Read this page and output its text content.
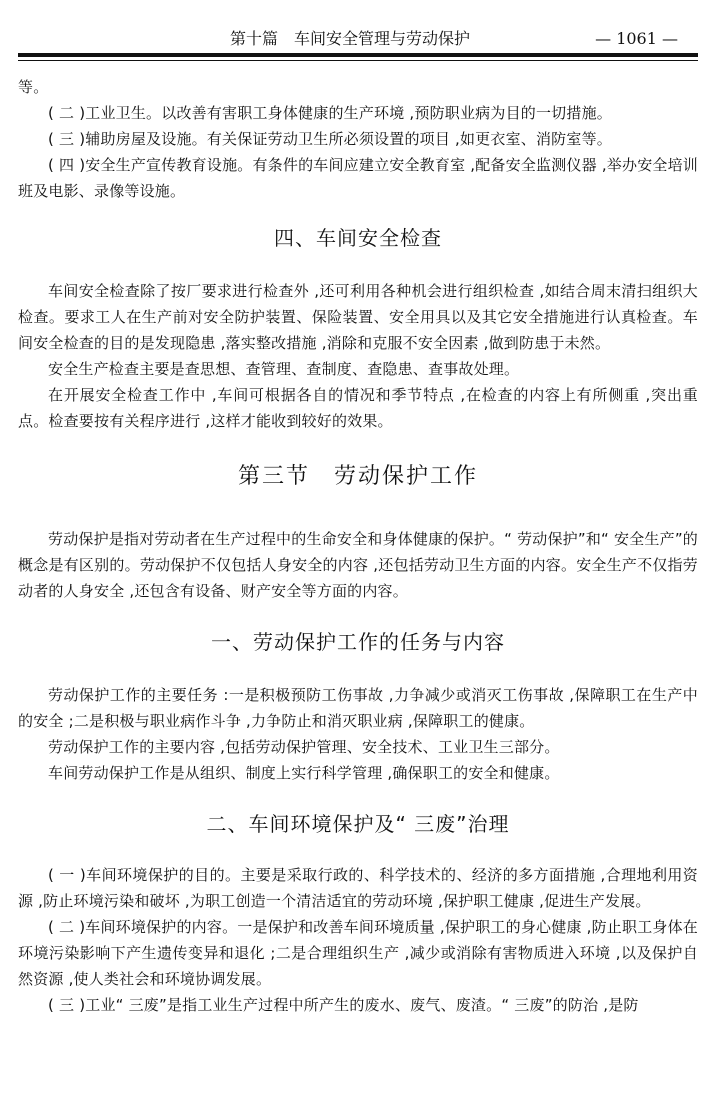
第十篇　车间安全管理与劳动保护	— 1061 —

等。

( 二 )工业卫生。以改善有害职工身体健康的生产环境 ,预防职业病为目的一切措施。

( 三 )辅助房屋及设施。有关保证劳动卫生所必须设置的项目 ,如更衣室、消防室等。

( 四 )安全生产宣传教育设施。有条件的车间应建立安全教育室 ,配备安全监测仪器 ,举办安全培训班及电影、录像等设施。

四、车间安全检查

车间安全检查除了按厂要求进行检查外 ,还可利用各种机会进行组织检查 ,如结合周末清扫组织大检查。要求工人在生产前对安全防护装置、保险装置、安全用具以及其它安全措施进行认真检查。车间安全检查的目的是发现隐患 ,落实整改措施 ,消除和克服不安全因素 ,做到防患于未然。

安全生产检查主要是查思想、查管理、查制度、查隐患、查事故处理。

在开展安全检查工作中 ,车间可根据各自的情况和季节特点 ,在检查的内容上有所侧重 ,突出重点。检查要按有关程序进行 ,这样才能收到较好的效果。

第三节　劳动保护工作

劳动保护是指对劳动者在生产过程中的生命安全和身体健康的保护。“ 劳动保护”和“ 安全生产”的概念是有区别的。劳动保护不仅包括人身安全的内容 ,还包括劳动卫生方面的内容。安全生产不仅指劳动者的人身安全 ,还包含有设备、财产安全等方面的内容。

一、劳动保护工作的任务与内容

劳动保护工作的主要任务 :一是积极预防工伤事故 ,力争减少或消灭工伤事故 ,保障职工在生产中的安全 ;二是积极与职业病作斗争 ,力争防止和消灭职业病 ,保障职工的健康。

劳动保护工作的主要内容 ,包括劳动保护管理、安全技术、工业卫生三部分。

车间劳动保护工作是从组织、制度上实行科学管理 ,确保职工的安全和健康。

二、车间环境保护及“ 三废”治理

( 一 )车间环境保护的目的。主要是采取行政的、科学技术的、经济的多方面措施 ,合理地利用资源 ,防止环境污染和破坏 ,为职工创造一个清洁适宜的劳动环境 ,保护职工健康 ,促进生产发展。

( 二 )车间环境保护的内容。一是保护和改善车间环境质量 ,保护职工的身心健康 ,防止职工身体在环境污染影响下产生遗传变异和退化 ;二是合理组织生产 ,减少或消除有害物质进入环境 ,以及保护自然资源 ,使人类社会和环境协调发展。

( 三 )工业“ 三废”是指工业生产过程中所产生的废水、废气、废渣。“ 三废”的防治 ,是防
